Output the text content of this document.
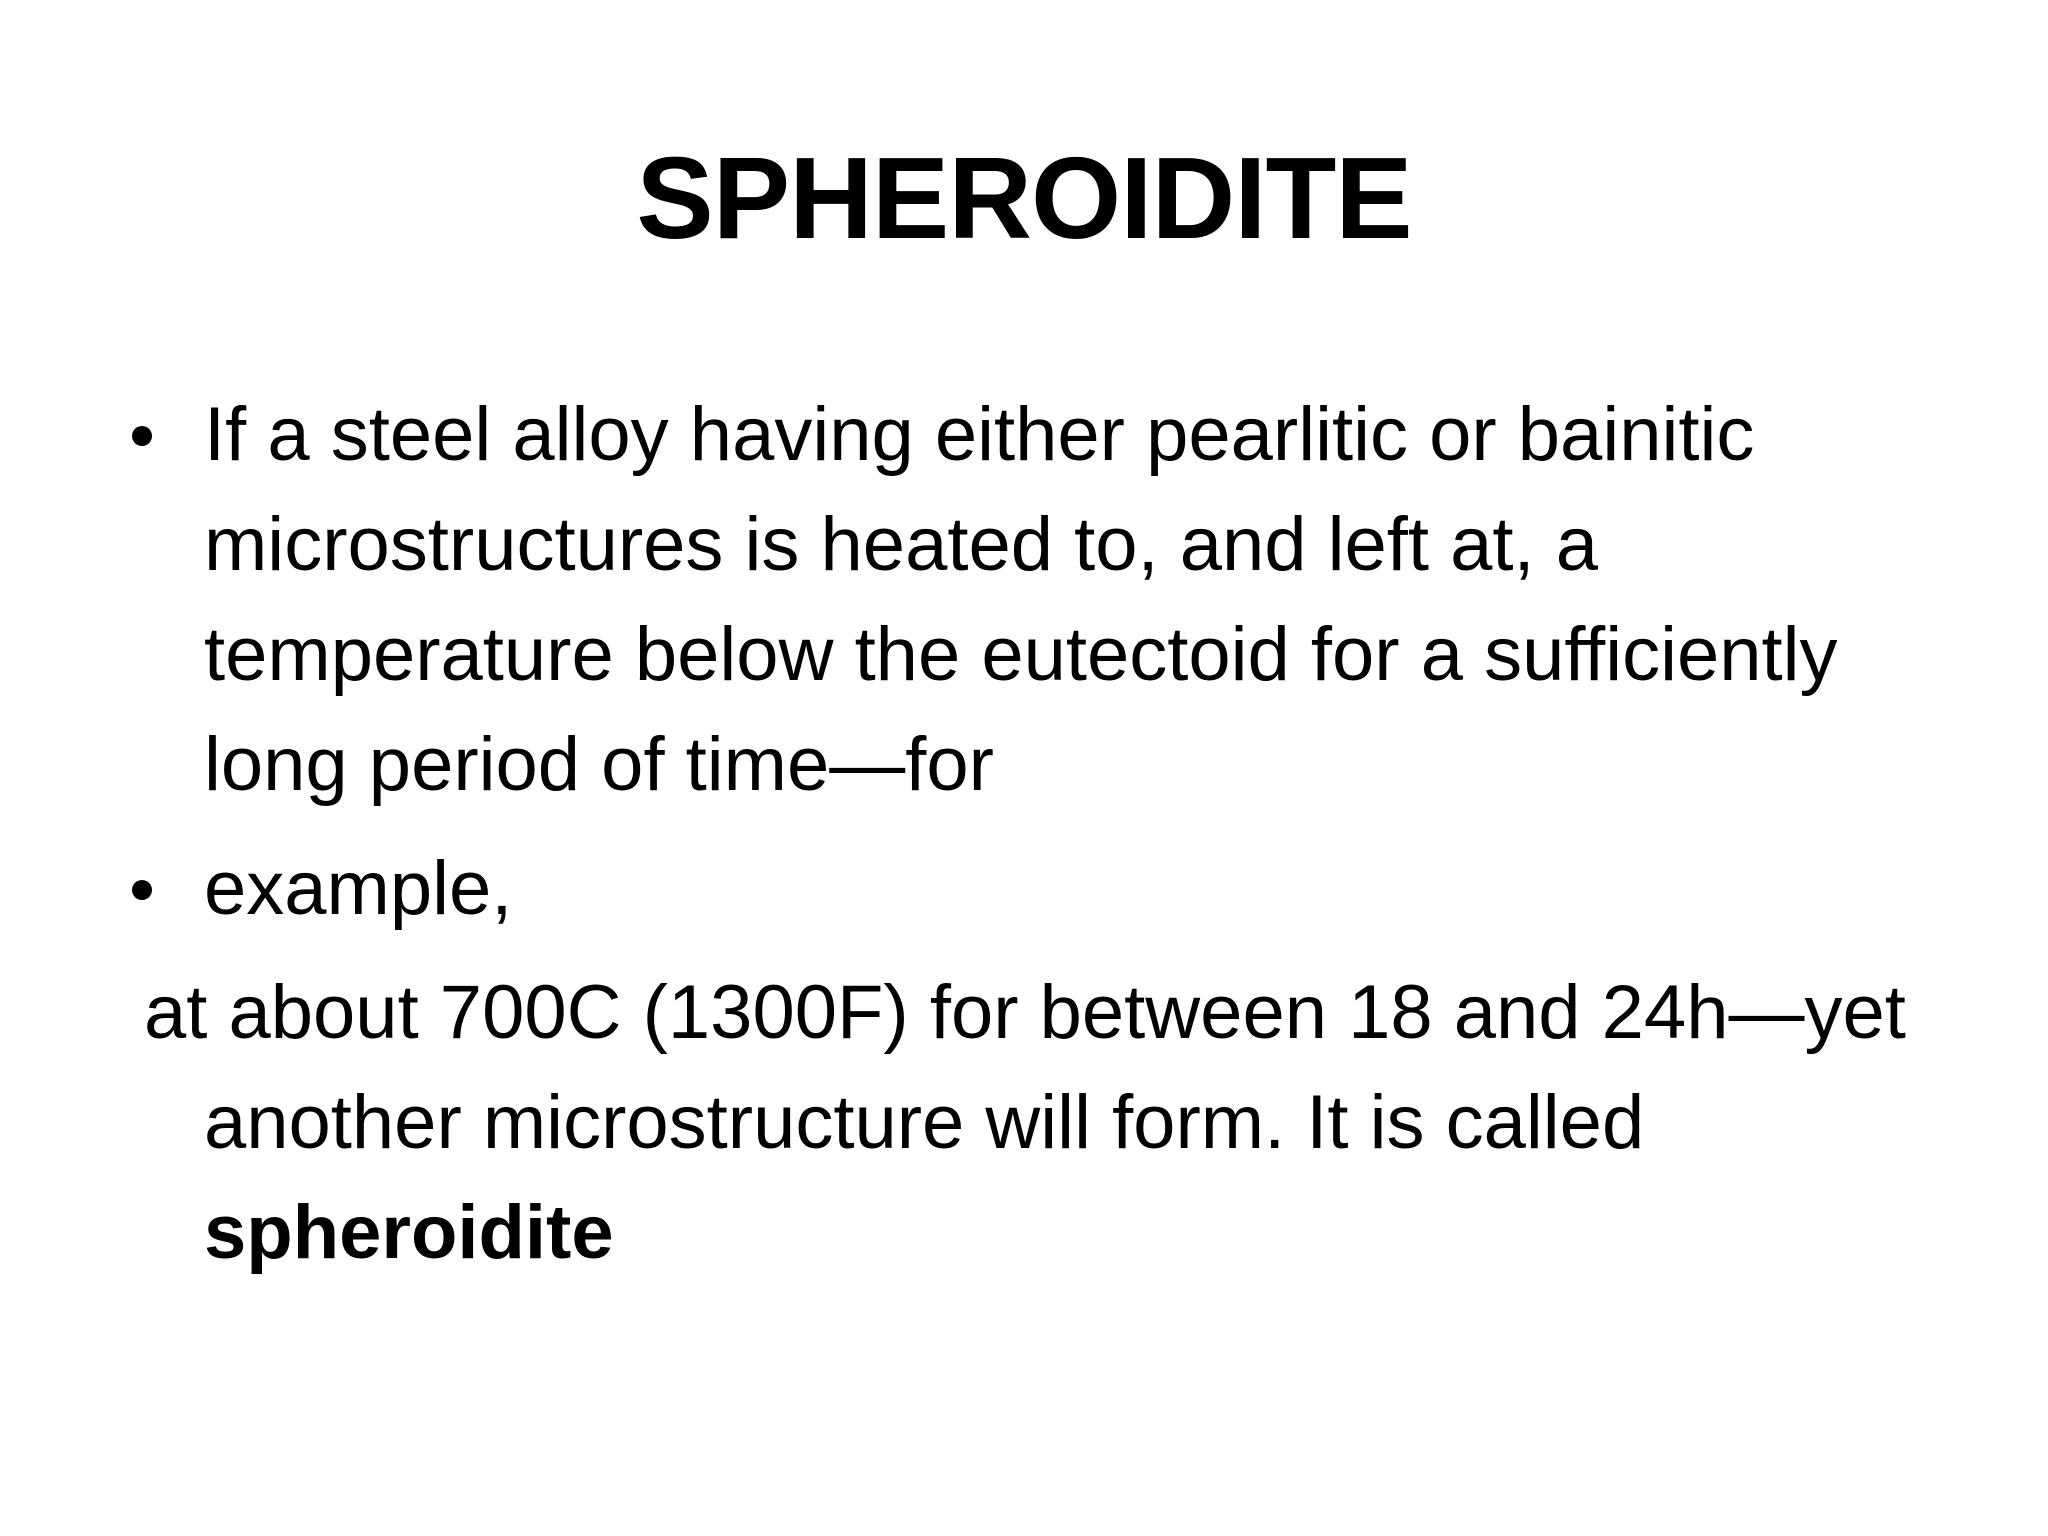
SPHEROIDITE
If a steel alloy having either pearlitic or bainitic microstructures is heated to, and left at, a temperature below the eutectoid for a sufficiently long period of time—for
example,
at about 700C (1300F) for between 18 and 24h—yet another microstructure will form. It is called spheroidite
